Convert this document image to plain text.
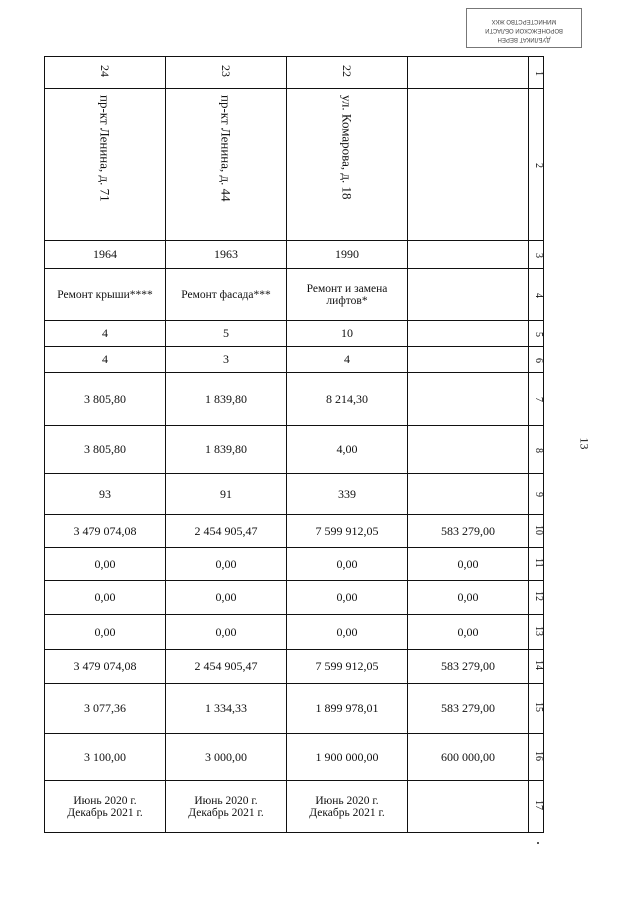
ДУБЛИКАТ ВЕРЕН
ВОРОНЕЖСКОЙ ОБЛАСТИ
МИНИСТЕРСТВО ЖКХ
13
24	23	22		1
пр-кт Ленина, д. 71	пр-кт Ленина, д. 44	ул. Комарова, д. 18		2
1964	1963	1990		3
Ремонт крыши****	Ремонт фасада***	Ремонт и замена лифтов*		4
4	5	10		5
4	3	4		6
3 805,80	1 839,80	8 214,30		7
3 805,80	1 839,80	4,00		8
93	91	339		9
3 479 074,08	2 454 905,47	7 599 912,05	583 279,00	10
0,00	0,00	0,00	0,00	11
0,00	0,00	0,00	0,00	12
0,00	0,00	0,00	0,00	13
3 479 074,08	2 454 905,47	7 599 912,05	583 279,00	14
3 077,36	1 334,33	1 899 978,01	583 279,00	15
3 100,00	3 000,00	1 900 000,00	600 000,00	16
Июнь 2020 г.
Декабрь 2021 г.	Июнь 2020 г.
Декабрь 2021 г.	Июнь 2020 г.
Декабрь 2021 г.		17
